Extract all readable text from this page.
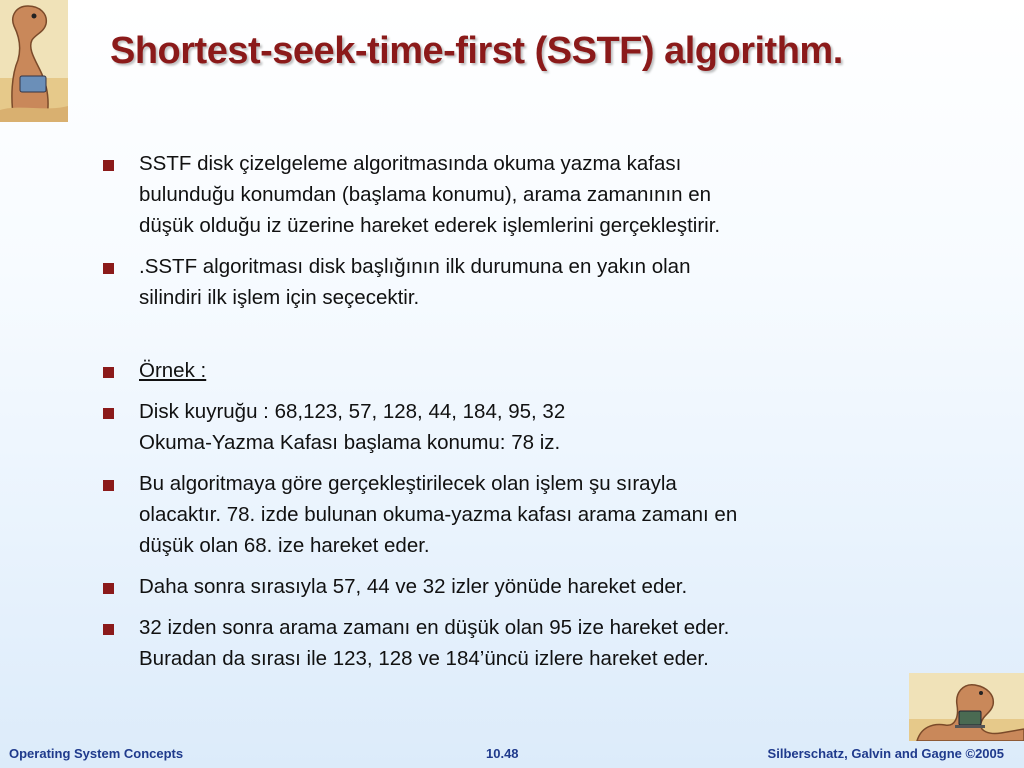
Shortest-seek-time-first (SSTF) algorithm.
SSTF disk çizelgeleme algoritmasında okuma yazma kafası
bulunduğu konumdan (başlama konumu), arama zamanının en
düşük olduğu iz üzerine hareket ederek işlemlerini gerçekleştirir.
.SSTF algoritması disk başlığının ilk durumuna en yakın olan
silindiri ilk işlem için seçecektir.
Örnek :
Disk kuyruğu : 68,123, 57, 128, 44, 184, 95, 32
Okuma-Yazma Kafası başlama konumu: 78 iz.
Bu algoritmaya göre gerçekleştirilecek olan işlem şu sırayla
olacaktır. 78. izde bulunan okuma-yazma kafası arama zamanı en
düşük olan 68. ize hareket eder.
Daha sonra sırasıyla 57, 44 ve 32 izler yönüde hareket eder.
32 izden sonra arama zamanı en düşük olan 95 ize hareket eder.
Buradan da sırası ile 123, 128 ve 184’üncü izlere hareket eder.
Operating System Concepts	10.48	Silberschatz, Galvin and Gagne ©2005
